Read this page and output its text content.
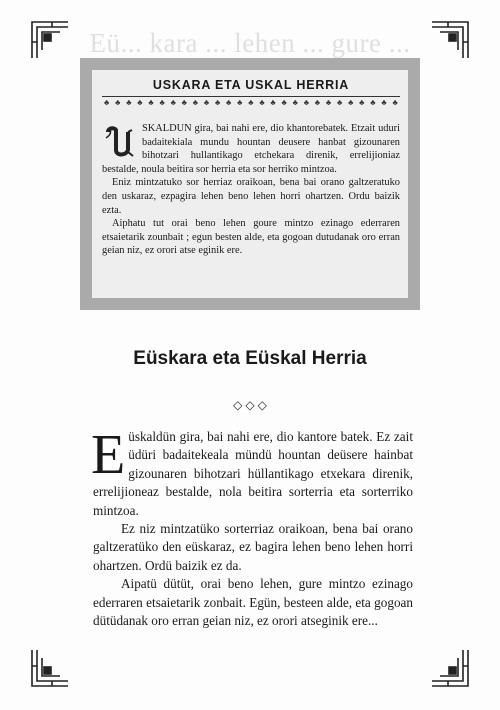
Eü... kara ... lehen ... gure ...
USKARA ETA USKAL HERRIA
♣ ♣ ♣ ♣ ♣ ♣ ♣ ♣ ♣ ♣ ♣ ♣ ♣ ♣ ♣ ♣ ♣ ♣ ♣ ♣ ♣ ♣ ♣ ♣ ♣ ♣ ♣

SKALDUN gira, bai nahi ere, dio khantorebatek. Etzait uduri badaitekiala mundu hountan deusere hanbat gizounaren bihotzari hullantikago etchekara direnik, errelijioniaz bestalde, noula beitira sor herria eta sor herriko mintzoa.

Eniz mintzatuko sor herriaz oraikoan, bena bai orano galtzeratuko den uskaraz, ezpagira lehen beno lehen horri ohartzen. Ordu baizik ezta.

Aiphatu tut orai beno lehen goure mintzo ezinago ederraren etsaietarik zounbait ; egun besten alde, eta gogoan dutudanak oro erran geian niz, ez orori atse eginik ere.

Eüskara eta Eüskal Herria
◇ ◇ ◇
E üskaldün gira, bai nahi ere, dio kantore batek. Ez zait üdüri badaitekeala mündü hountan deüsere hainbat gizounaren bihotzari hüllantikago etxekara direnik, errelijioneaz bestalde, nola beitira sorterria eta sorterriko mintzoa.

Ez niz mintzatüko sorterriaz oraikoan, bena bai orano galtzeratüko den eüskaraz, ez bagira lehen beno lehen horri ohartzen. Ordü baizik ez da.

Aipatü dütüt, orai beno lehen, gure mintzo ezinago ederraren etsaietarik zonbait. Egün, besteen alde, eta gogoan dütüdanak oro erran geian niz, ez orori atseginik ere...
